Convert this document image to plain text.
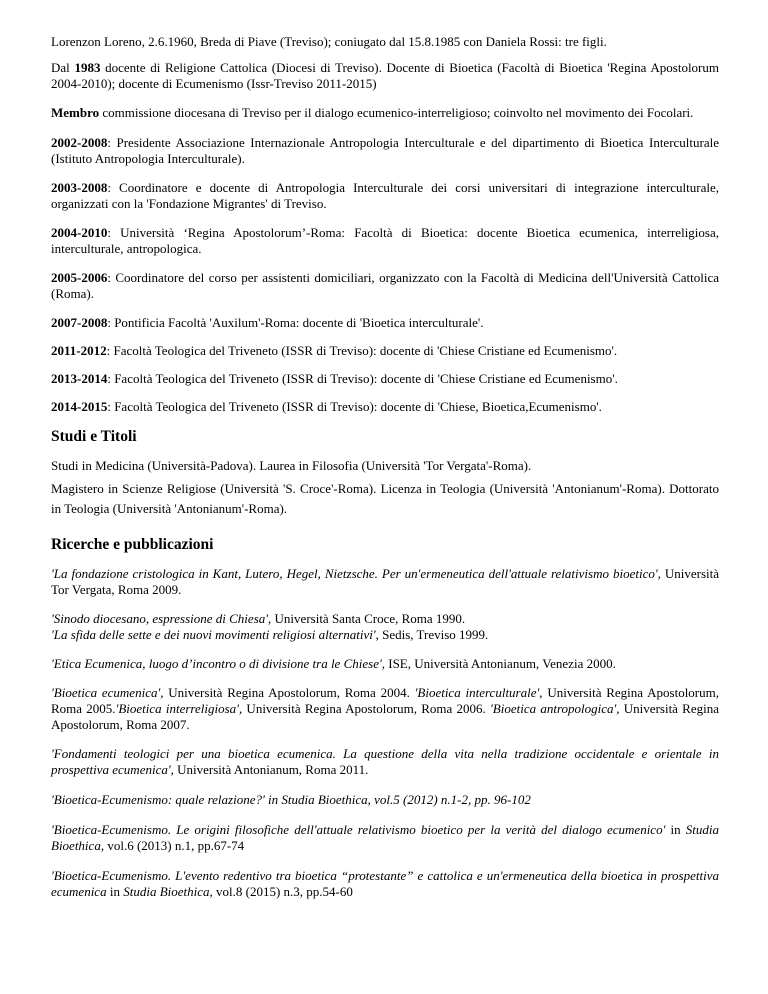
Lorenzon Loreno, 2.6.1960, Breda di Piave (Treviso); coniugato dal 15.8.1985 con Daniela Rossi: tre figli.

Dal 1983 docente di Religione Cattolica (Diocesi di Treviso). Docente di Bioetica (Facoltà di Bioetica 'Regina Apostolorum 2004-2010); docente di Ecumenismo (Issr-Treviso 2011-2015)

Membro commissione diocesana di Treviso per il dialogo ecumenico-interreligioso; coinvolto nel movimento dei Focolari.

2002-2008: Presidente Associazione Internazionale Antropologia Interculturale e del dipartimento di Bioetica Interculturale (Istituto Antropologia Interculturale).

2003-2008: Coordinatore e docente di Antropologia Interculturale dei corsi universitari di integrazione interculturale, organizzati con la 'Fondazione Migrantes' di Treviso.

2004-2010: Università ‘Regina Apostolorum’-Roma: Facoltà di Bioetica: docente Bioetica ecumenica, interreligiosa, interculturale, antropologica.

2005-2006: Coordinatore del corso per assistenti domiciliari, organizzato con la Facoltà di Medicina dell'Università Cattolica (Roma).

2007-2008: Pontificia Facoltà 'Auxilum'-Roma: docente di 'Bioetica interculturale'.

2011-2012: Facoltà Teologica del Triveneto (ISSR di Treviso): docente di 'Chiese Cristiane ed Ecumenismo'.

2013-2014: Facoltà Teologica del Triveneto (ISSR di Treviso): docente di 'Chiese Cristiane ed Ecumenismo'.

2014-2015: Facoltà Teologica del Triveneto (ISSR di Treviso): docente di 'Chiese, Bioetica,Ecumenismo'.

Studi e Titoli

Studi in Medicina (Università-Padova). Laurea in Filosofia (Università 'Tor Vergata'-Roma).

Magistero in Scienze Religiose (Università 'S. Croce'-Roma). Licenza in Teologia (Università 'Antonianum'-Roma). Dottorato in Teologia (Università 'Antonianum'-Roma).

Ricerche e pubblicazioni

'La fondazione cristologica in Kant, Lutero, Hegel, Nietzsche. Per un'ermeneutica dell'attuale relativismo bioetico', Università Tor Vergata, Roma 2009.

'Sinodo diocesano, espressione di Chiesa', Università Santa Croce, Roma 1990.

'La sfida delle sette e dei nuovi movimenti religiosi alternativi', Sedis, Treviso 1999.

'Etica Ecumenica, luogo d’incontro o di divisione tra le Chiese', ISE, Università Antonianum, Venezia 2000.

'Bioetica ecumenica', Università Regina Apostolorum, Roma 2004. 'Bioetica interculturale', Università Regina Apostolorum, Roma 2005.'Bioetica interreligiosa', Università Regina Apostolorum, Roma 2006. 'Bioetica antropologica', Università Regina Apostolorum, Roma 2007.

'Fondamenti teologici per una bioetica ecumenica. La questione della vita nella tradizione occidentale e orientale in prospettiva ecumenica', Università Antonianum, Roma 2011.

'Bioetica-Ecumenismo: quale relazione?' in Studia Bioethica, vol.5 (2012) n.1-2, pp. 96-102

'Bioetica-Ecumenismo. Le origini filosofiche dell'attuale relativismo bioetico per la verità del dialogo ecumenico' in Studia Bioethica, vol.6 (2013) n.1, pp.67-74

'Bioetica-Ecumenismo. L'evento redentivo tra bioetica “protestante” e cattolica e un'ermeneutica della bioetica in prospettiva ecumenica in Studia Bioethica, vol.8 (2015) n.3, pp.54-60
